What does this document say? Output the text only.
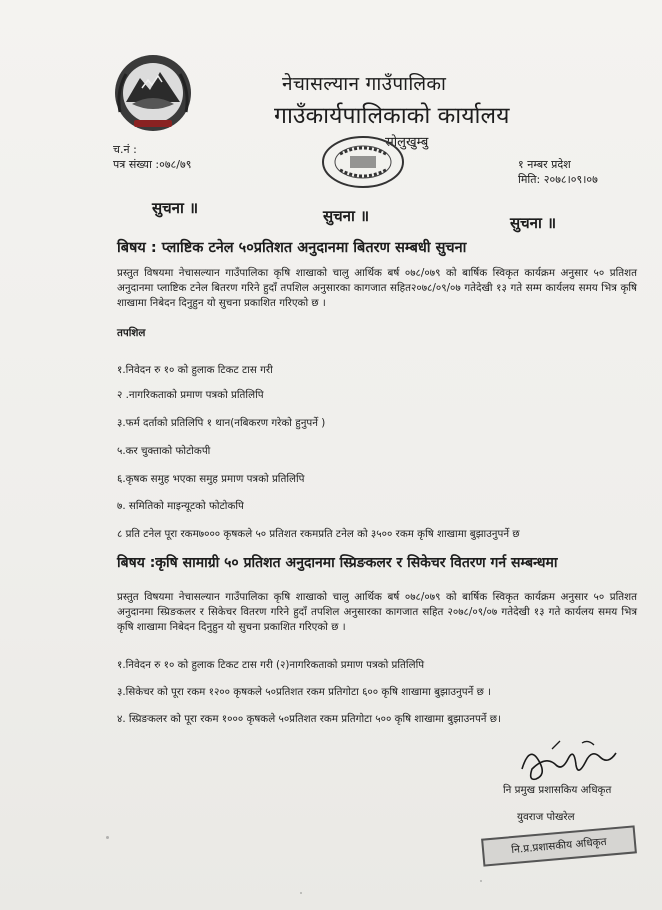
नेचासल्यान गाउँपालिका
गाउँकार्यपालिकाको कार्यालय
सोलुखुम्बु
च.नं :
पत्र संख्या :०७८/७९	१ नम्बर प्रदेश
मिति: २०७८।०९।०७
सुचना ॥	सुचना ॥	सुचना ॥
बिषय : प्लाष्टिक टनेल ५०प्रतिशत अनुदानमा बितरण सम्बधी सुचना
प्रस्तुत विषयमा नेचासल्यान गाउँपालिका कृषि शाखाको चालु आर्थिक बर्ष ०७८/०७९ को बार्षिक स्विकृत कार्यक्रम अनुसार ५० प्रतिशत अनुदानमा प्लाष्टिक टनेल बितरण गरिने हुदाँ तपशिल अनुसारका कागजात सहित२०७८/०९/०७ गतेदेखी १३ गते सम्म कार्यलय समय भित्र कृषि शाखामा निबेदन दिनुहुन यो सुचना प्रकाशित गरिएको छ ।
तपशिल
१.निवेदन रु १० को हुलाक टिकट टास गरी
२ .नागरिकताको प्रमाण पत्रको प्रतिलिपि
३.फर्म दर्ताको प्रतिलिपि १ थान(नबिकरण गरेको हुनुपर्ने )
५.कर चुक्ताको फोटोकपी
६.कृषक समुह भएका समुह प्रमाण पत्रको प्रतिलिपि
७. समितिको माइन्यूटको फोटोकपि
८ प्रति टनेल पूरा रकम७००० कृषकले ५० प्रतिशत रकमप्रति टनेल को ३५०० रकम कृषि शाखामा बुझाउनुपर्ने छ
बिषय :कृषि सामाग्री ५० प्रतिशत अनुदानमा स्प्रिङकलर र सिकेचर वितरण गर्न सम्बन्धमा
प्रस्तुत विषयमा नेचासल्यान गाउँपालिका कृषि शाखाको चालु आर्थिक बर्ष ०७८/०७९ को बार्षिक स्विकृत कार्यक्रम अनुसार ५० प्रतिशत अनुदानमा स्प्रिङकलर र सिकेचर वितरण गरिने हुदाँ तपशिल अनुसारका कागजात सहित २०७८/०९/०७ गतेदेखी १३ गते कार्यलय समय भित्र कृषि शाखामा निबेदन दिनुहुन यो सुचना प्रकाशित गरिएको छ ।
१.निवेदन रु १० को हुलाक टिकट टास गरी (२)नागरिकताको प्रमाण पत्रको प्रतिलिपि
३.सिकेचर को पूरा रकम १२०० कृषकले ५०प्रतिशत रकम प्रतिगोटा ६०० कृषि शाखामा बुझाउनुपर्ने छ ।
४. स्प्रिङकलर को पूरा रकम १००० कृषकले ५०प्रतिशत रकम प्रतिगोटा ५०० कृषि शाखामा बुझाउनपर्ने छ।
नि प्रमुख प्रशासकिय अधिकृत
युवराज पोखरेल
नि.प्र.प्रशासकीय अधिकृत
